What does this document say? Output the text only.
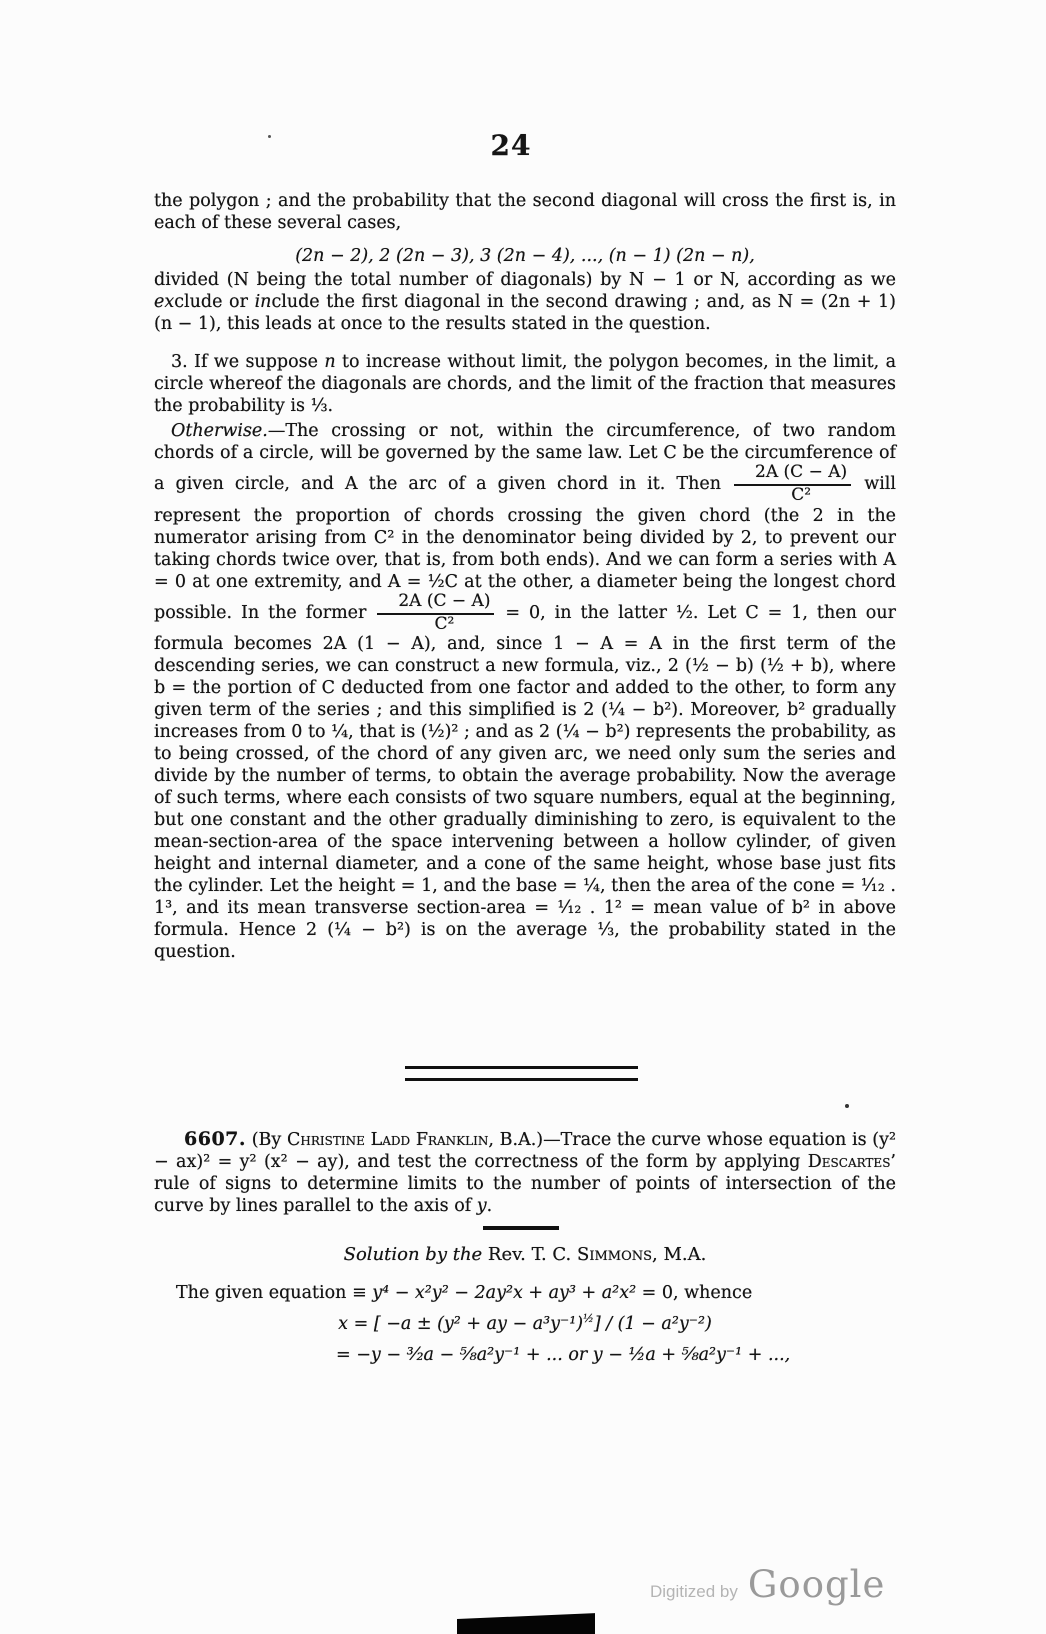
24

the polygon ; and the probability that the second diagonal will cross the first is, in each of these several cases,

(2n − 2), 2 (2n − 3), 3 (2n − 4), ..., (n − 1) (2n − n),

divided (N being the total number of diagonals) by N − 1 or N, according as we exclude or include the first diagonal in the second drawing ; and, as N = (2n + 1) (n − 1), this leads at once to the results stated in the question.

3. If we suppose n to increase without limit, the polygon becomes, in the limit, a circle whereof the diagonals are chords, and the limit of the fraction that measures the probability is ⅓.

Otherwise.—The crossing or not, within the circumference, of two random chords of a circle, will be governed by the same law. Let C be the circumference of a given circle, and A the arc of a given chord in it. Then $\frac{2A (C - A)}{\text{C²}}$ will represent the proportion of chords crossing the given chord (the 2 in the numerator arising from C² in the denominator being divided by 2, to prevent our taking chords twice over, that is, from both ends). And we can form a series with A = 0 at one extremity, and A = ½C at the other, a diameter being the longest chord possible. In the former $\frac{2A (C - A)}{\text{C²}} = 0$, in the latter ½. Let C = 1, then our formula becomes 2A (1 − A), and, since 1 − A = A in the first term of the descending series, we can construct a new formula, viz., 2 (½ − b) (½ + b), where b = the portion of C deducted from one factor and added to the other, to form any given term of the series ; and this simplified is 2 (¼ − b²). Moreover, b² gradually increases from 0 to ¼, that is (½)² ; and as 2 (¼ − b²) represents the probability, as to being crossed, of the chord of any given arc, we need only sum the series and divide by the number of terms, to obtain the average probability. Now the average of such terms, where each consists of two square numbers, equal at the beginning, but one constant and the other gradually diminishing to zero, is equivalent to the mean-section-area of the space intervening between a hollow cylinder, of given height and internal diameter, and a cone of the same height, whose base just fits the cylinder. Let the height = 1, and the base = ¼, then the area of the cone = ¹⁄₁₂ . 1³, and its mean transverse section-area = ¹⁄₁₂ . 1² = mean value of b² in above formula. Hence 2 (¼ − b²) is on the average ⅓, the probability stated in the question.

6607. (By Christine Ladd Franklin, B.A.)—Trace the curve whose equation is (y² − ax)² = y² (x² − ay), and test the correctness of the form by applying Descartes’ rule of signs to determine limits to the number of points of intersection of the curve by lines parallel to the axis of y.

Solution by the Rev. T. C. Simmons, M.A.
The given equation ≡ y⁴ − x²y² − 2ay²x + ay³ + a²x² = 0, whence
x = [ −a ± (y² + ay − a³y⁻¹)$^{\frac{1}{2}}$] / (1 − a²y⁻²)
= −y − ³⁄₂a − ⁵⁄₈a²y⁻¹ + ... or y − ½a + ⁵⁄₈a²y⁻¹ + ...,
Digitized by Google
